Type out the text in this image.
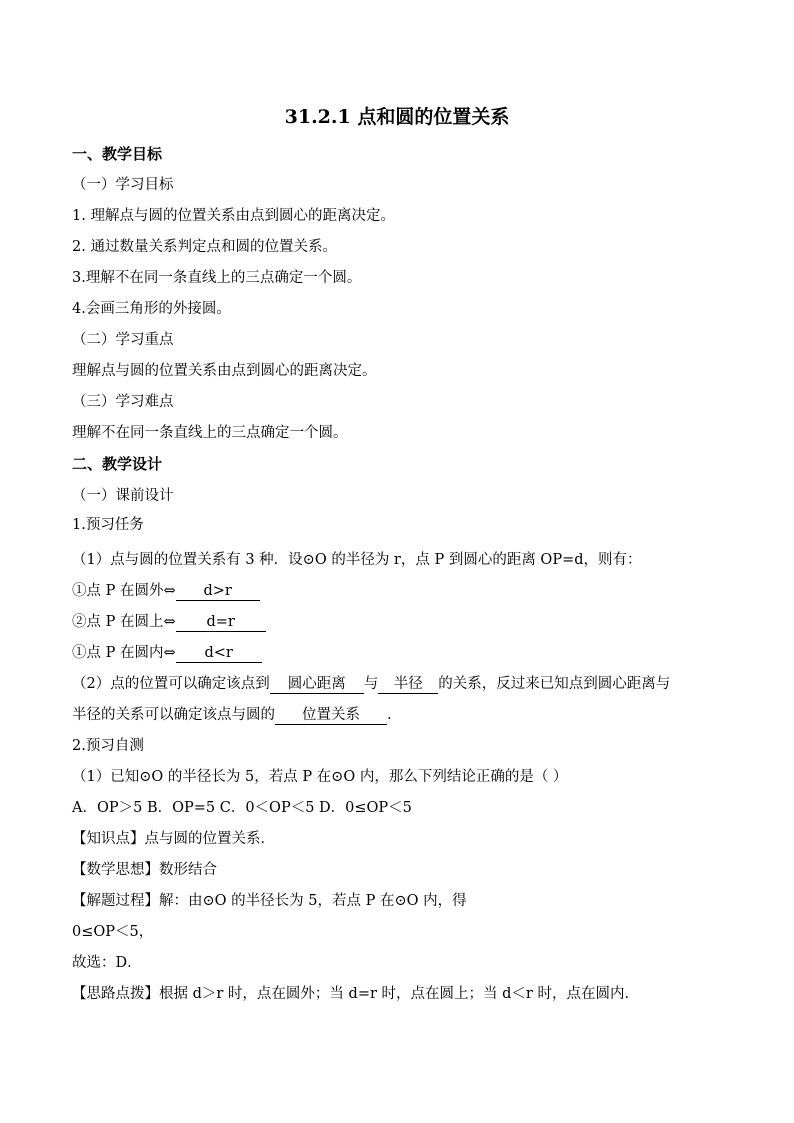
31.2.1 点和圆的位置关系
一、教学目标
（一）学习目标
1. 理解点与圆的位置关系由点到圆心的距离决定。
2. 通过数量关系判定点和圆的位置关系。
3.理解不在同一条直线上的三点确定一个圆。
4.会画三角形的外接圆。
（二）学习重点
理解点与圆的位置关系由点到圆心的距离决定。
（三）学习难点
理解不在同一条直线上的三点确定一个圆。
二、教学设计
（一）课前设计
1.预习任务
（1）点与圆的位置关系有 3 种．设⊙O 的半径为 r，点 P 到圆心的距离 OP=d，则有：
①点 P 在圆外⇔ d>r
②点 P 在圆上⇔ d=r
①点 P 在圆内⇔ d<r
（2）点的位置可以确定该点到 圆心距离 与 半径 的关系，反过来已知点到圆心距离与
半径的关系可以确定该点与圆的 位置关系 .
2.预习自测
（1）已知⊙O 的半径长为 5，若点 P 在⊙O 内，那么下列结论正确的是（ ）
A．OP＞5 B．OP=5 C．0＜OP＜5 D．0≤OP＜5
【知识点】点与圆的位置关系．
【数学思想】数形结合
【解题过程】解：由⊙O 的半径长为 5，若点 P 在⊙O 内，得
0≤OP＜5，
故选：D．
【思路点拨】根据 d＞r 时，点在圆外；当 d=r 时，点在圆上；当 d＜r 时，点在圆内．
